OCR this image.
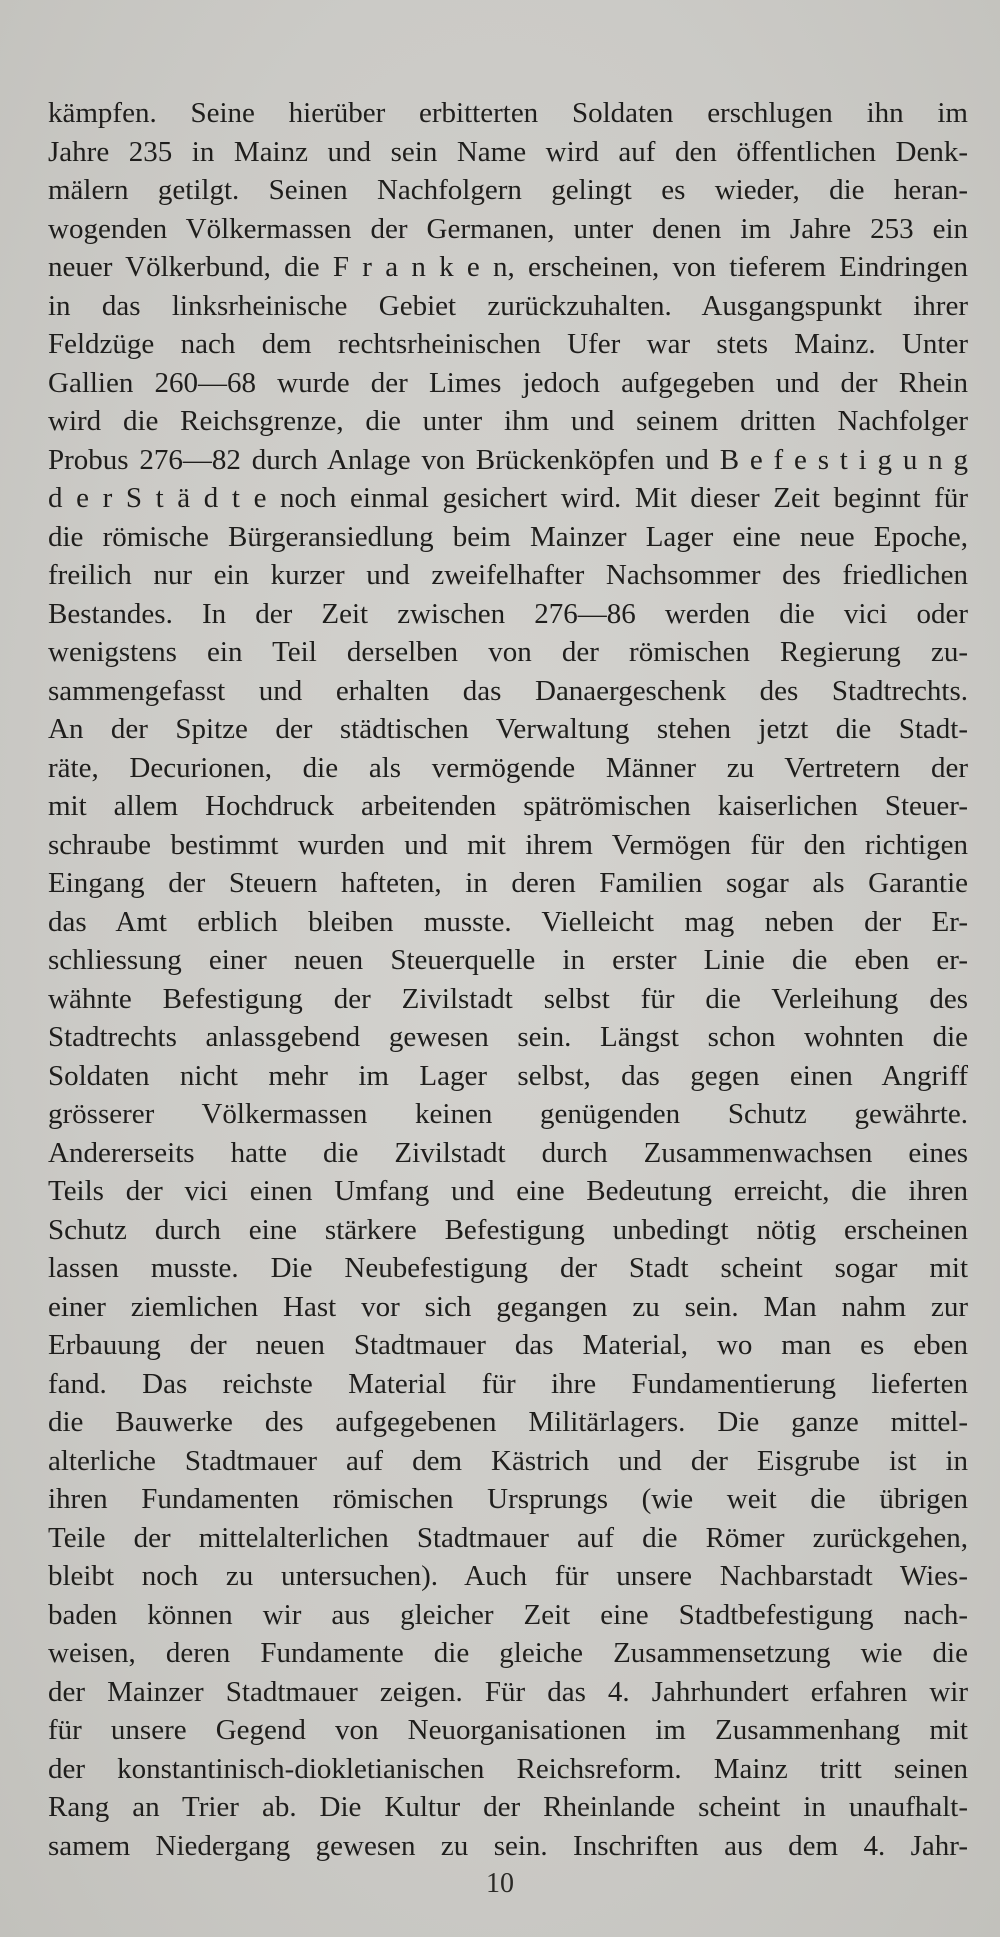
kämpfen. Seine hierüber erbitterten Soldaten erschlugen ihn im
Jahre 235 in Mainz und sein Name wird auf den öffentlichen Denk-
mälern getilgt. Seinen Nachfolgern gelingt es wieder, die heran-
wogenden Völkermassen der Germanen, unter denen im Jahre 253 ein
neuer Völkerbund, die F r a n k e n, erscheinen, von tieferem Eindringen
in das linksrheinische Gebiet zurückzuhalten. Ausgangspunkt ihrer
Feldzüge nach dem rechtsrheinischen Ufer war stets Mainz. Unter
Gallien 260—68 wurde der Limes jedoch aufgegeben und der Rhein
wird die Reichsgrenze, die unter ihm und seinem dritten Nachfolger
Probus 276—82 durch Anlage von Brückenköpfen und B e f e s t i g u n g
d e r S t ä d t e noch einmal gesichert wird. Mit dieser Zeit beginnt für
die römische Bürgeransiedlung beim Mainzer Lager eine neue Epoche,
freilich nur ein kurzer und zweifelhafter Nachsommer des friedlichen
Bestandes. In der Zeit zwischen 276—86 werden die vici oder
wenigstens ein Teil derselben von der römischen Regierung zu-
sammengefasst und erhalten das Danaergeschenk des Stadtrechts.
An der Spitze der städtischen Verwaltung stehen jetzt die Stadt-
räte, Decurionen, die als vermögende Männer zu Vertretern der
mit allem Hochdruck arbeitenden spätrömischen kaiserlichen Steuer-
schraube bestimmt wurden und mit ihrem Vermögen für den richtigen
Eingang der Steuern hafteten, in deren Familien sogar als Garantie
das Amt erblich bleiben musste. Vielleicht mag neben der Er-
schliessung einer neuen Steuerquelle in erster Linie die eben er-
wähnte Befestigung der Zivilstadt selbst für die Verleihung des
Stadtrechts anlassgebend gewesen sein. Längst schon wohnten die
Soldaten nicht mehr im Lager selbst, das gegen einen Angriff
grösserer Völkermassen keinen genügenden Schutz gewährte.
Andererseits hatte die Zivilstadt durch Zusammenwachsen eines
Teils der vici einen Umfang und eine Bedeutung erreicht, die ihren
Schutz durch eine stärkere Befestigung unbedingt nötig erscheinen
lassen musste. Die Neubefestigung der Stadt scheint sogar mit
einer ziemlichen Hast vor sich gegangen zu sein. Man nahm zur
Erbauung der neuen Stadtmauer das Material, wo man es eben
fand. Das reichste Material für ihre Fundamentierung lieferten
die Bauwerke des aufgegebenen Militärlagers. Die ganze mittel-
alterliche Stadtmauer auf dem Kästrich und der Eisgrube ist in
ihren Fundamenten römischen Ursprungs (wie weit die übrigen
Teile der mittelalterlichen Stadtmauer auf die Römer zurückgehen,
bleibt noch zu untersuchen). Auch für unsere Nachbarstadt Wies-
baden können wir aus gleicher Zeit eine Stadtbefestigung nach-
weisen, deren Fundamente die gleiche Zusammensetzung wie die
der Mainzer Stadtmauer zeigen. Für das 4. Jahrhundert erfahren wir
für unsere Gegend von Neuorganisationen im Zusammenhang mit
der konstantinisch-diokletianischen Reichsreform. Mainz tritt seinen
Rang an Trier ab. Die Kultur der Rheinlande scheint in unaufhalt-
samem Niedergang gewesen zu sein. Inschriften aus dem 4. Jahr-
10
